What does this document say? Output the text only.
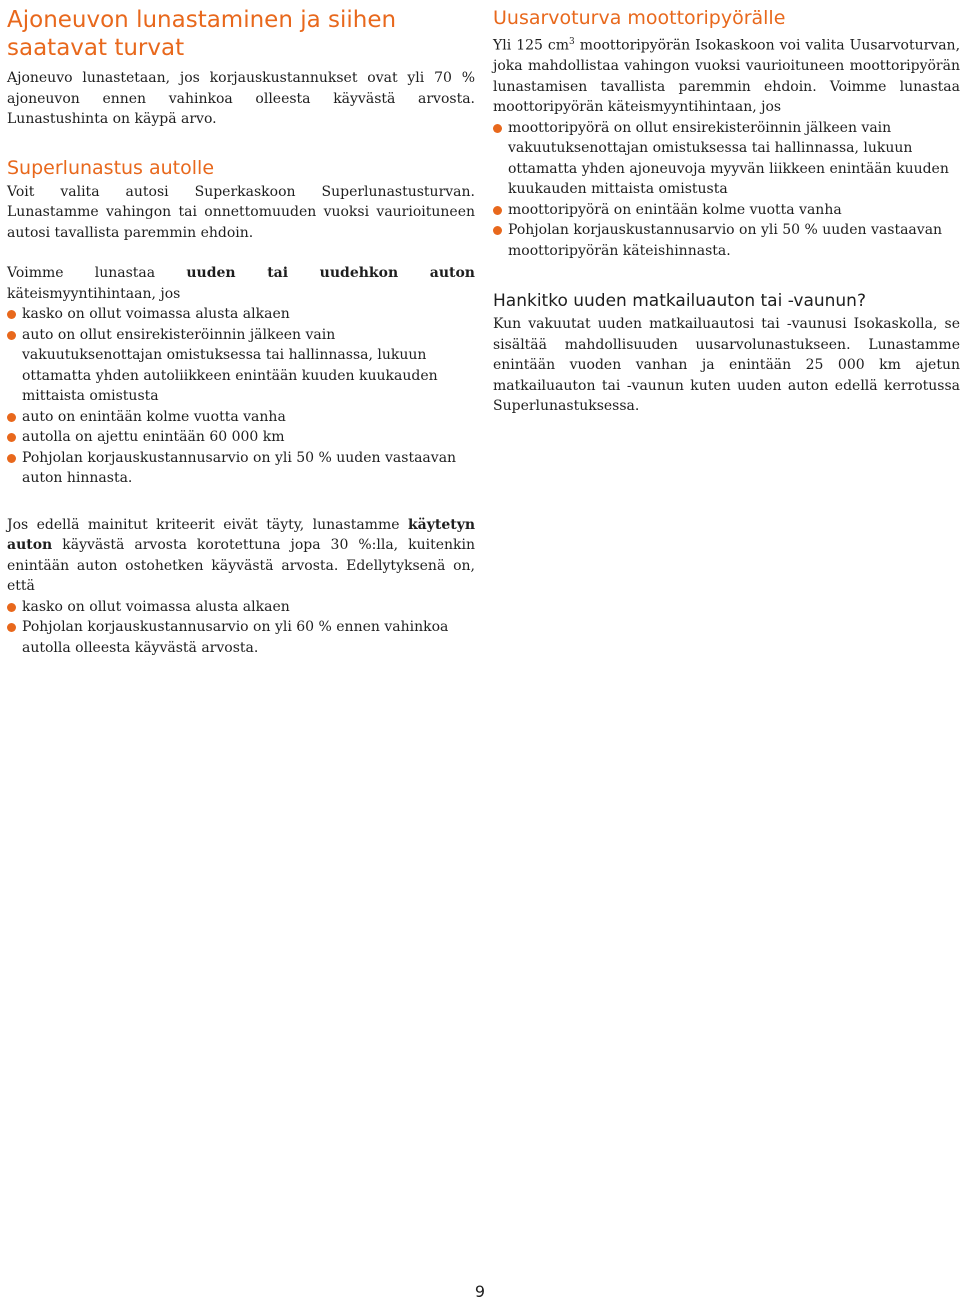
Ajoneuvon lunastaminen ja siihen saatavat turvat

Ajoneuvo lunastetaan, jos korjauskustannukset ovat yli 70 % ajoneuvon ennen vahinkoa olleesta käyvästä arvosta. Lunastushinta on käypä arvo.

Superlunastus autolle

Voit valita autosi Superkaskoon Superlunastusturvan. Lunastamme vahingon tai onnettomuuden vuoksi vaurioituneen autosi tavallista paremmin ehdoin.

Voimme lunastaa uuden tai uudehkon auton käteismyyntihintaan, jos

kasko on ollut voimassa alusta alkaen
auto on ollut ensirekisteröinnin jälkeen vain vakuutuksenottajan omistuksessa tai hallinnassa, lukuun ottamatta yhden autoliikkeen enintään kuuden kuukauden mittaista omistusta
auto on enintään kolme vuotta vanha
autolla on ajettu enintään 60 000 km
Pohjolan korjauskustannusarvio on yli 50 % uuden vastaavan auton hinnasta.

Jos edellä mainitut kriteerit eivät täyty, lunastamme käytetyn auton käyvästä arvosta korotettuna jopa 30 %:lla, kuitenkin enintään auton ostohetken käyvästä arvosta. Edellytyksenä on, että

kasko on ollut voimassa alusta alkaen
Pohjolan korjauskustannusarvio on yli 60 % ennen vahinkoa autolla olleesta käyvästä arvosta.
Uusarvoturva moottoripyörälle

Yli 125 $cm^3$ moottoripyörän Isokaskoon voi valita Uusarvoturvan, joka mahdollistaa vahingon vuoksi vaurioituneen moottoripyörän lunastamisen tavallista paremmin ehdoin. Voimme lunastaa moottoripyörän käteismyyntihintaan, jos

moottoripyörä on ollut ensirekisteröinnin jälkeen vain vakuutuksenottajan omistuksessa tai hallinnassa, lukuun ottamatta yhden ajoneuvoja myyvän liikkeen enintään kuuden kuukauden mittaista omistusta
moottoripyörä on enintään kolme vuotta vanha
Pohjolan korjauskustannusarvio on yli 50 % uuden vastaavan moottoripyörän käteishinnasta.
Hankitko uuden matkailuauton tai -vaunun?

Kun vakuutat uuden matkailuautosi tai -vaunusi Isokaskolla, se sisältää mahdollisuuden uusarvolunastukseen. Lunastamme enintään vuoden vanhan ja enintään 25 000 km ajetun matkailuauton tai -vaunun kuten uuden auton edellä kerrotussa Superlunastuksessa.

9
